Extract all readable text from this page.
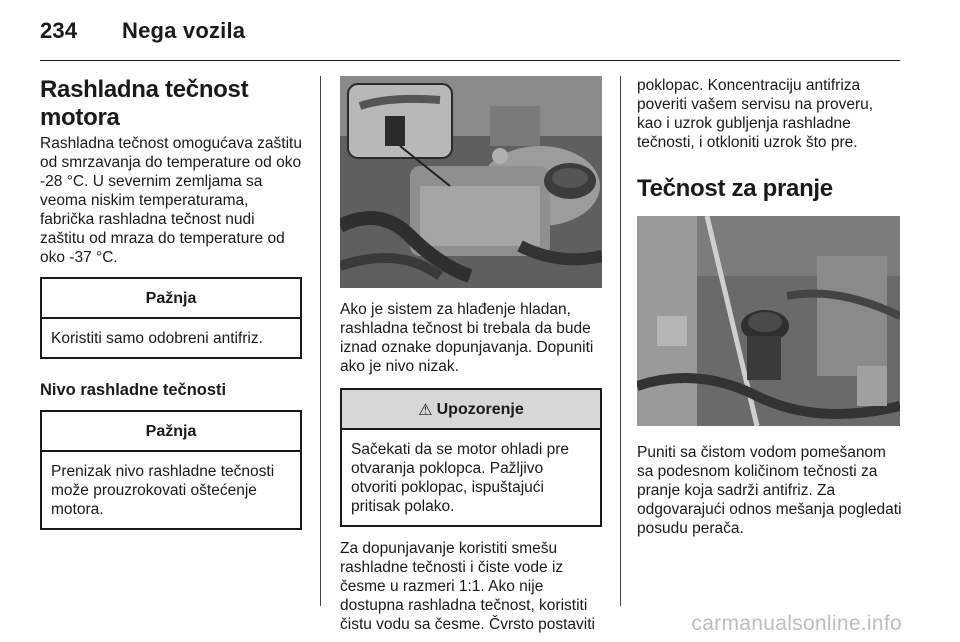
234 Nega vozila
Rashladna tečnost motora

Rashladna tečnost omogućava zaštitu od smrzavanja do temperature od oko -28 °C. U severnim zemljama sa veoma niskim temperaturama, fabrička rashladna tečnost nudi zaštitu od mraza do temperature od oko -37 °C.

Pažnja
Koristiti samo odobreni antifriz.
Nivo rashladne tečnosti
Pažnja
Prenizak nivo rashladne tečnosti može prouzrokovati oštećenje motora.

Ako je sistem za hlađenje hladan, rashladna tečnost bi trebala da bude iznad oznake dopunjavanja. Dopuniti ako je nivo nizak.

⚠ Upozorenje
Sačekati da se motor ohladi pre otvaranja poklopca. Pažljivo otvoriti poklopac, ispuštajući pritisak polako.

Za dopunjavanje koristiti smešu rashladne tečnosti i čiste vode iz česme u razmeri 1:1. Ako nije dostupna rashladna tečnost, koristiti čistu vodu sa česme. Čvrsto postaviti

poklopac. Koncentraciju antifriza poveriti vašem servisu na proveru, kao i uzrok gubljenja rashladne tečnosti, i otkloniti uzrok što pre.

Tečnost za pranje

Puniti sa čistom vodom pomešanom sa podesnom količinom tečnosti za pranje koja sadrži antifriz. Za odgovarajući odnos mešanja pogledati posudu perača.

carmanualsonline.info
